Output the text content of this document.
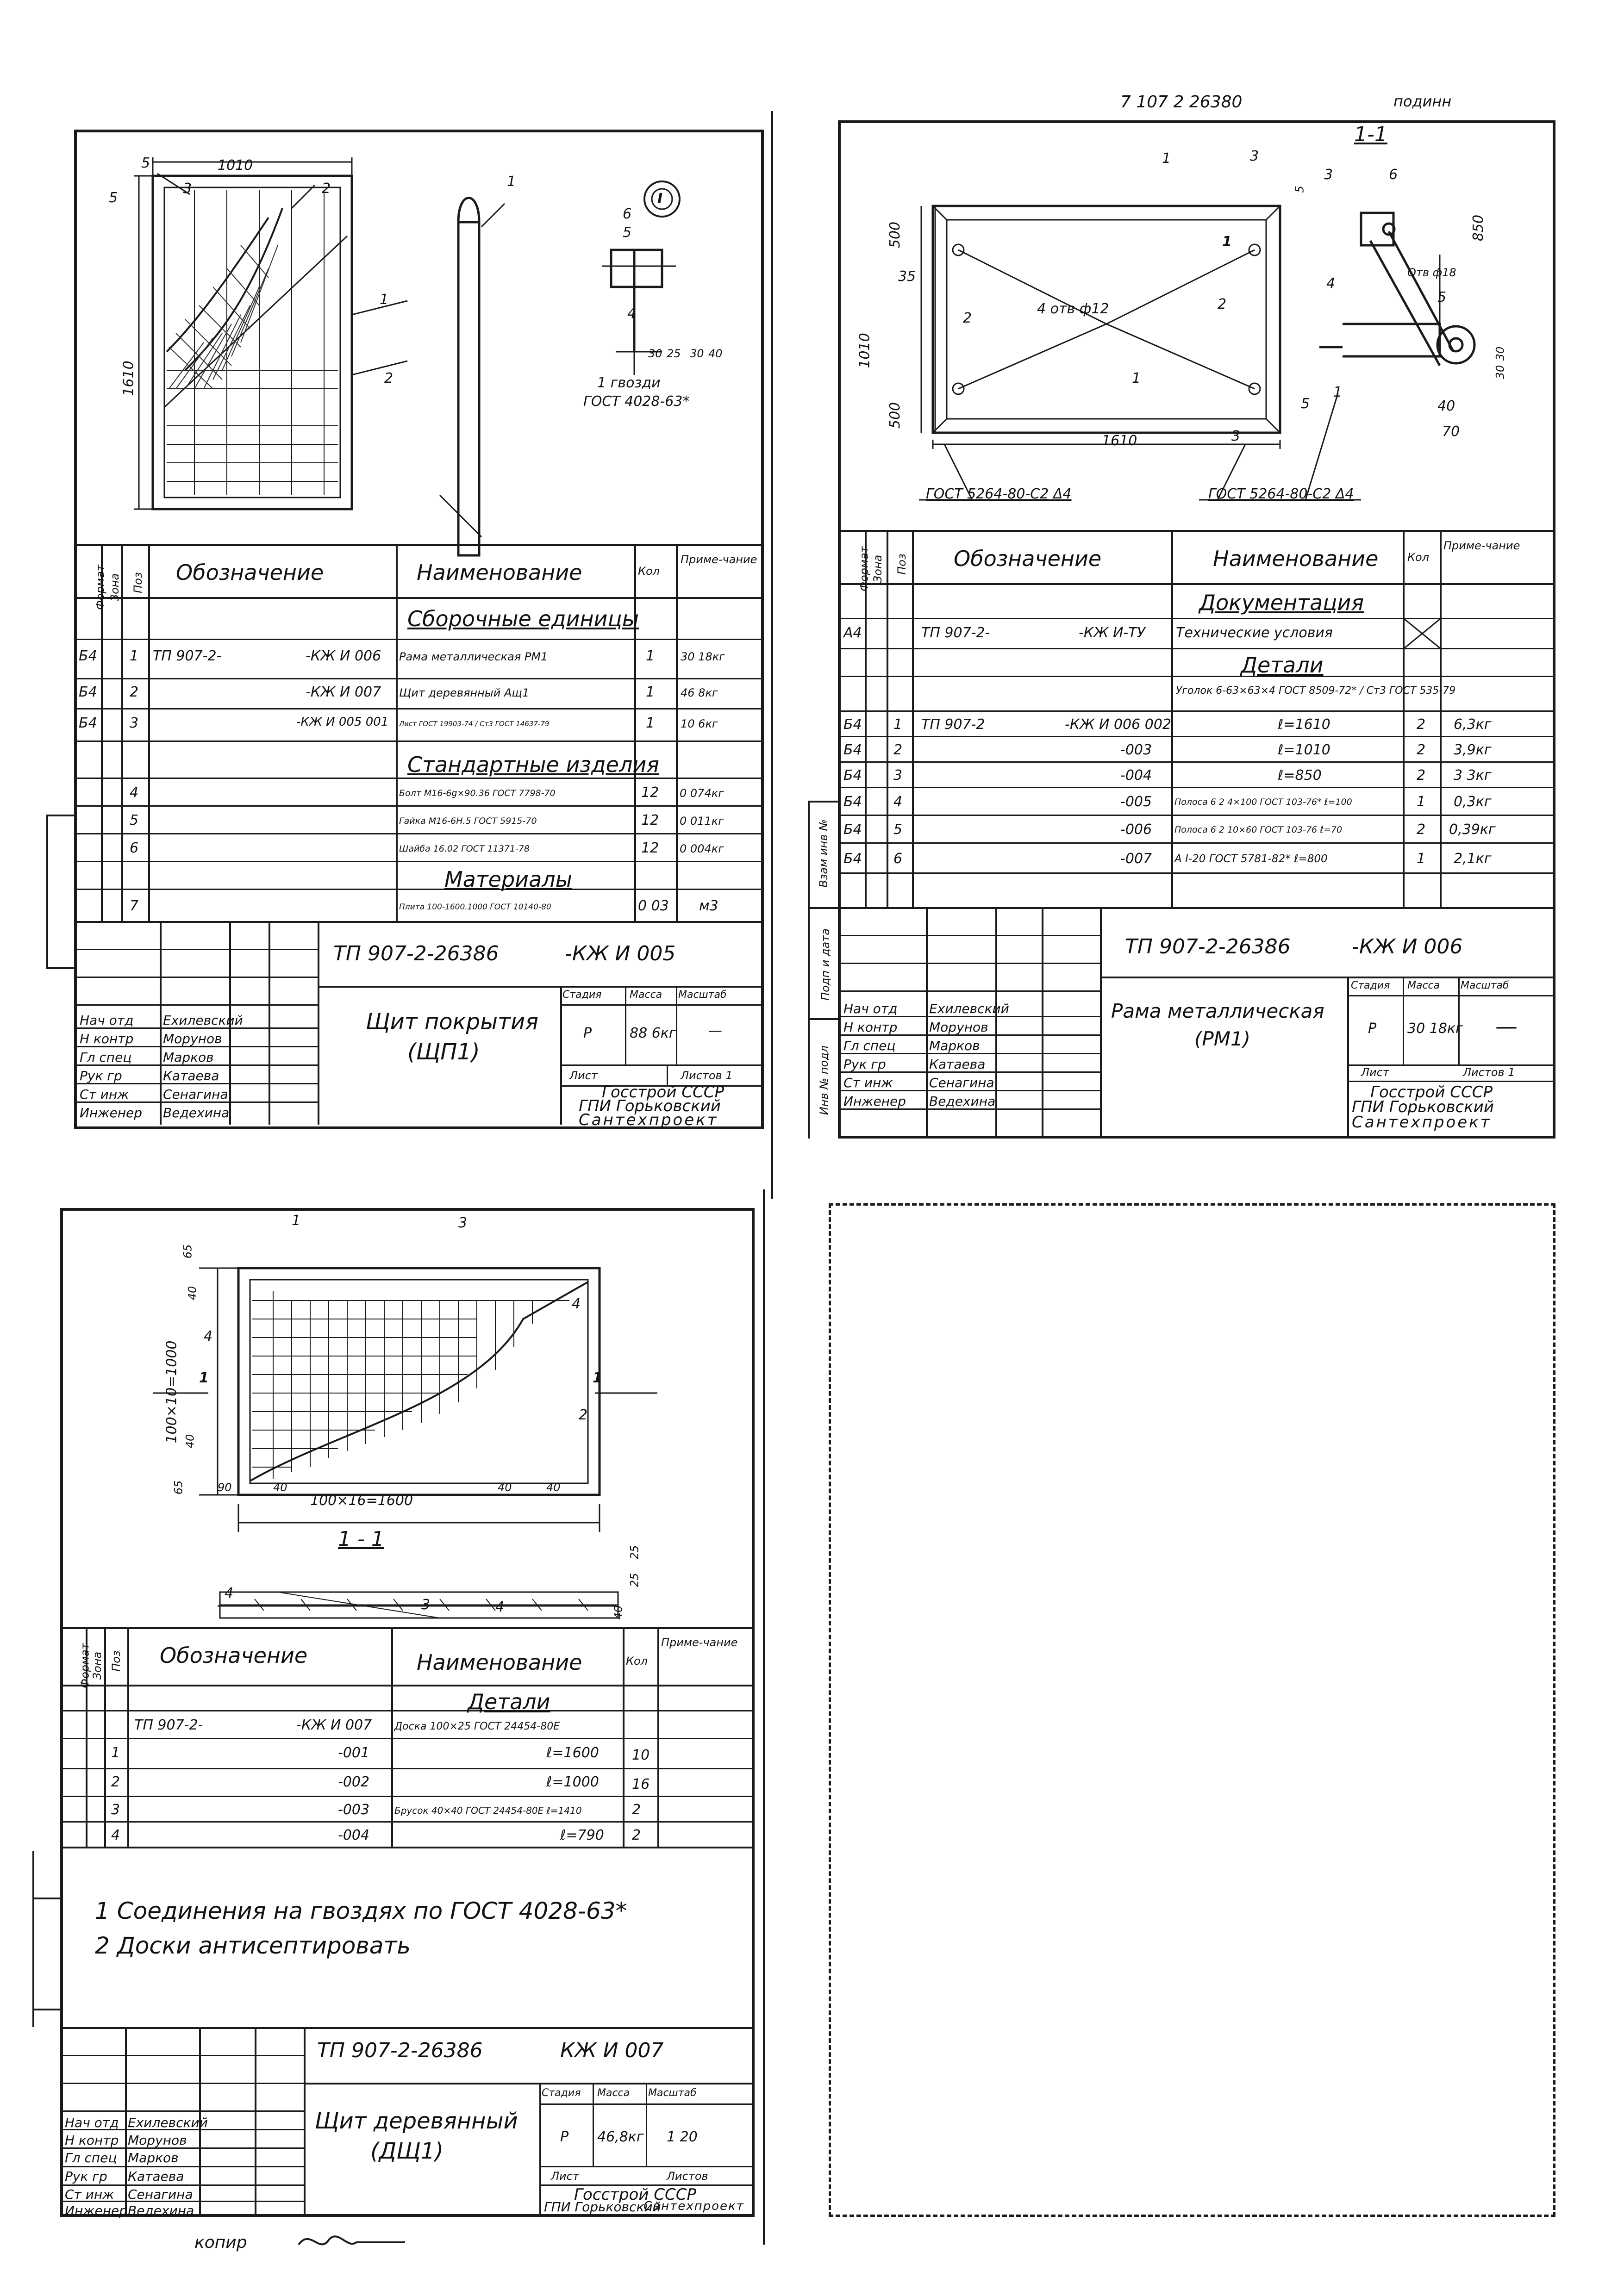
7 107 2 26380	подинн
5	1010
5
3	2
1
2
1610
1
6
5
4
30 25 30 40
1 гвозди
ГОСТ 4028-63*
I
Формат Зона Поз Обозначение	Наименование	Кол
Приме-чание
Сборочные единицы
Б4 1 ТП 907-2-	-КЖ И 006 Рама металлическая РМ1	1 30 18кг
Б4 2	-КЖ И 007 Щит деревянный Ащ1	1 46 8кг
Б4 3	-КЖ И 005 001 Лист ГОСТ 19903-74 / Ст3 ГОСТ 14637-79	1 10 6кг
Стандартные изделия
4	Болт М16-6g×90.36 ГОСТ 7798-70	12 0 074кг
5	Гайка М16-6Н.5 ГОСТ 5915-70	12 0 011кг
6	Шайба 16.02 ГОСТ 11371-78	12 0 004кг
Материалы
7	Плита 100-1600.1000 ГОСТ 10140-80	0 03 м3
ТП 907-2-26386	-КЖ И 005
Щит покрытия
(ЩП1)
Стадия	Масса Масштаб
Р	88 6кг —
Лист	Листов 1
Госстрой СССР
ГПИ Горьковский
Сантехпроект
Нач отд Ехилевский
Н контр Морунов
Гл спец Марков
Рук гр	Катаева
Ст инж	Сенагина
Инженер Ведехина
1-1
1	3
3	6
1
4
5
2
2
1
5
1
3
4 отв ф12
Отв ф18
500
500
1010
1610
35
850
40
70
30
30
5
ГОСТ 5264-80-С2 Δ4	ГОСТ 5264-80-С2 Δ4
Взам инв №
Подп и дата
Инв № подл
Формат Зона Поз Обозначение	Наименование	Кол
Приме-чание
Документация
А4	ТП 907-2-	-КЖ И-ТУ Технические условия
Детали
Уголок 6-63×63×4 ГОСТ 8509-72* / Ст3 ГОСТ 535-79
Б4 1 ТП 907-2	-КЖ И 006 002	ℓ=1610	2 6,3кг
Б4 2	-003	ℓ=1010	2 3,9кг
Б4 3	-004	ℓ=850	2 3 3кг
Б4 4	-005	Полоса 6 2 4×100 ГОСТ 103-76* ℓ=100	1 0,3кг
Б4 5	-006	Полоса 6 2 10×60 ГОСТ 103-76 ℓ=70	2 0,39кг
Б4 6	-007 А I-20 ГОСТ 5781-82* ℓ=800	1 2,1кг
ТП 907-2-26386	-КЖ И 006
Рама металлическая
(РМ1)
Стадия Масса Масштаб
Р 30 18кг —
Лист	Листов 1
Госстрой СССР
ГПИ Горьковский
Сантехпроект
Нач отд Ехилевский
Н контр Морунов
Гл спец	Марков
Рук гр	Катаева
Ст инж	Сенагина
Инженер Ведехина
1	3
4
4
2
1	1
65
40
100×10=1000 40
65	90	40
100×16=1600
40	40
1 - 1
25
25
40
4
3	4
Формат
Зона Поз Обозначение	Наименование	Кол
Приме-чание
Детали
ТП 907-2-	-КЖ И 007 Доска 100×25 ГОСТ 24454-80Е
1	-001	ℓ=1600 10
2	-002	ℓ=1000 16
3	-003	Брусок 40×40 ГОСТ 24454-80Е ℓ=1410	2
4	-004	ℓ=790 2
1 Соединения на гвоздях по ГОСТ 4028-63*
2 Доски антисептировать
ТП 907-2-26386	КЖ И 007
Щит деревянный
(ДЩ1)
Стадия Масса Масштаб
Р 46,8кг 1 20
Лист	Листов
Госстрой СССР
ГПИ Горьковский
Сантехпроект
Нач отд Ехилевский
Н контр Морунов
Гл спец Марков
Рук гр Катаева
Ст инж Сенагина
Инженер Ведехина
копир
